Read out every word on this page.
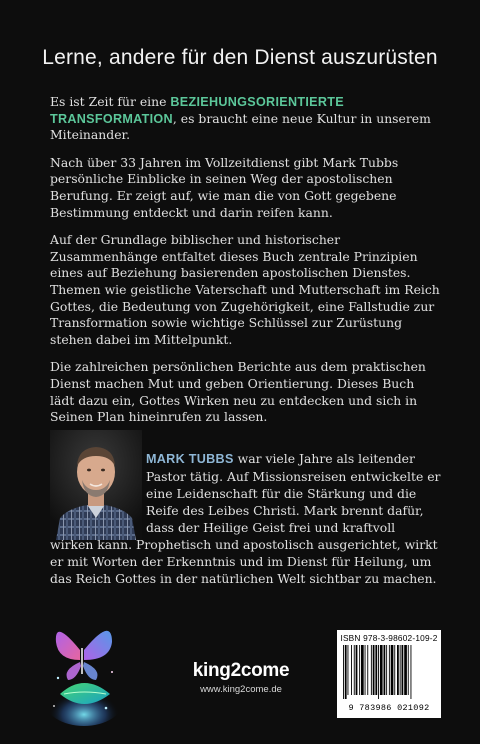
Lerne, andere für den Dienst auszurüsten

Es ist Zeit für eine BEZIEHUNGSORIENTIERTE TRANSFORMATION, es braucht eine neue Kultur in unserem Miteinander.

Nach über 33 Jahren im Vollzeitdienst gibt Mark Tubbs persönliche Einblicke in seinen Weg der apostolischen Berufung. Er zeigt auf, wie man die von Gott gegebene Bestimmung entdeckt und darin reifen kann.

Auf der Grundlage biblischer und historischer Zusammenhänge entfaltet dieses Buch zentrale Prinzipien eines auf Beziehung basierenden apostolischen Dienstes. Themen wie geistliche Vaterschaft und Mutterschaft im Reich Gottes, die Bedeutung von Zugehörigkeit, eine Fallstudie zur Transformation sowie wichtige Schlüssel zur Zurüstung stehen dabei im Mittelpunkt.

Die zahlreichen persönlichen Berichte aus dem praktischen Dienst machen Mut und geben Orientierung. Dieses Buch lädt dazu ein, Gottes Wirken neu zu entdecken und sich in Seinen Plan hineinrufen zu lassen.

MARK TUBBS war viele Jahre als leitender Pastor tätig. Auf Missionsreisen entwickelte er eine Leidenschaft für die Stärkung und die Reife des Leibes Christi. Mark brennt dafür, dass der Heilige Geist frei und kraftvoll wirken kann. Prophetisch und apostolisch ausgerichtet, wirkt er mit Worten der Erkenntnis und im Dienst für Heilung, um das Reich Gottes in der natürlichen Welt sichtbar zu machen.
king2come
www.king2come.de
ISBN 978-3-98602-109-2
9 783986 021092
